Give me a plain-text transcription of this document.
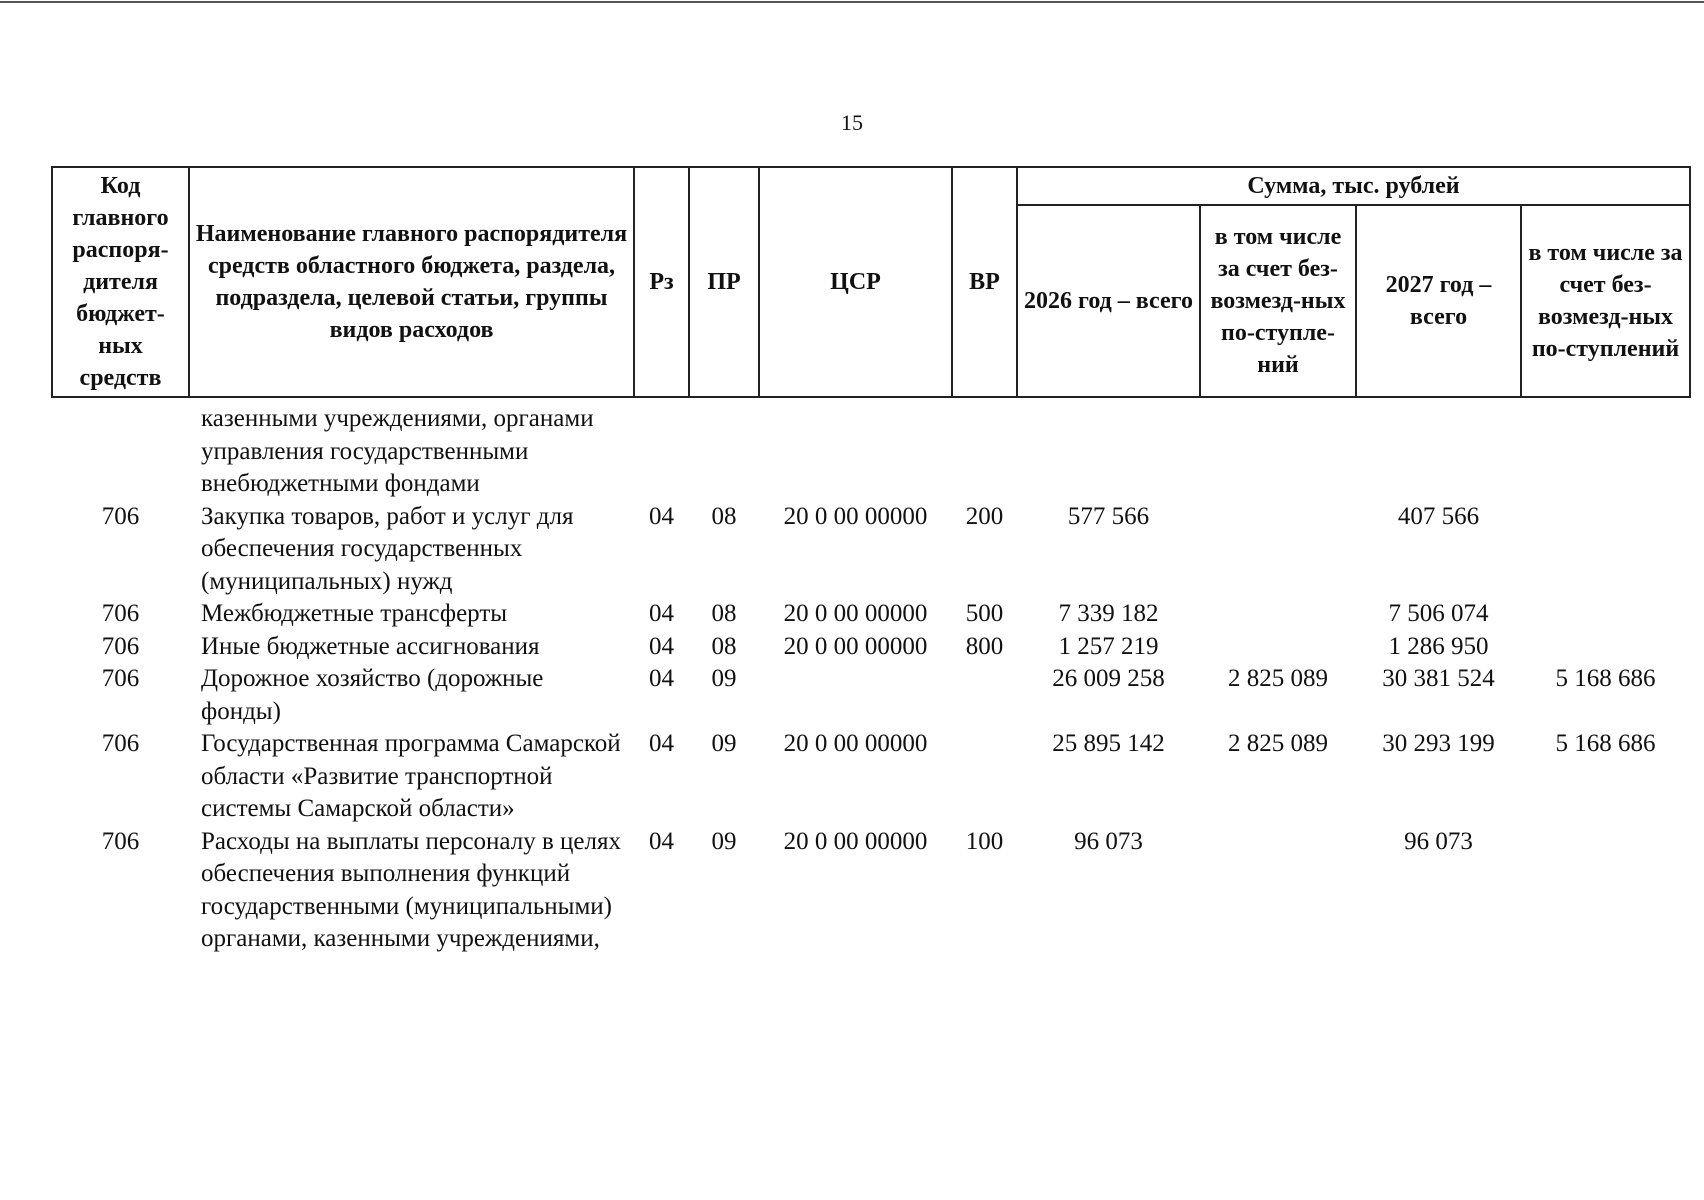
15
Код главного распоря-дителя бюджет-ных средств	Наименование главного распорядителя средств областного бюджета, раздела, подраздела, целевой статьи, группы видов расходов	Рз	ПР	ЦСР	ВР	Сумма, тыс. рублей			
						2026 год – всего	в том числе за счет без-возмезд-ных по-ступле-ний	2027 год – всего	в том числе за счет без-возмезд-ных по-ступлений
	казенными учреждениями, органами управления государственными внебюджетными фондами								
706	Закупка товаров, работ и услуг для обеспечения государственных (муниципальных) нужд	04	08	20 0 00 00000	200	577 566		407 566	
706	Межбюджетные трансферты	04	08	20 0 00 00000	500	7 339 182		7 506 074	
706	Иные бюджетные ассигнования	04	08	20 0 00 00000	800	1 257 219		1 286 950	
706	Дорожное хозяйство (дорожные фонды)	04	09			26 009 258	2 825 089	30 381 524	5 168 686
706	Государственная программа Самарской области «Развитие транспортной системы Самарской области»	04	09	20 0 00 00000		25 895 142	2 825 089	30 293 199	5 168 686
706	Расходы на выплаты персоналу в целях обеспечения выполнения функций государственными (муниципальными) органами, казенными учреждениями,	04	09	20 0 00 00000	100	96 073		96 073	
